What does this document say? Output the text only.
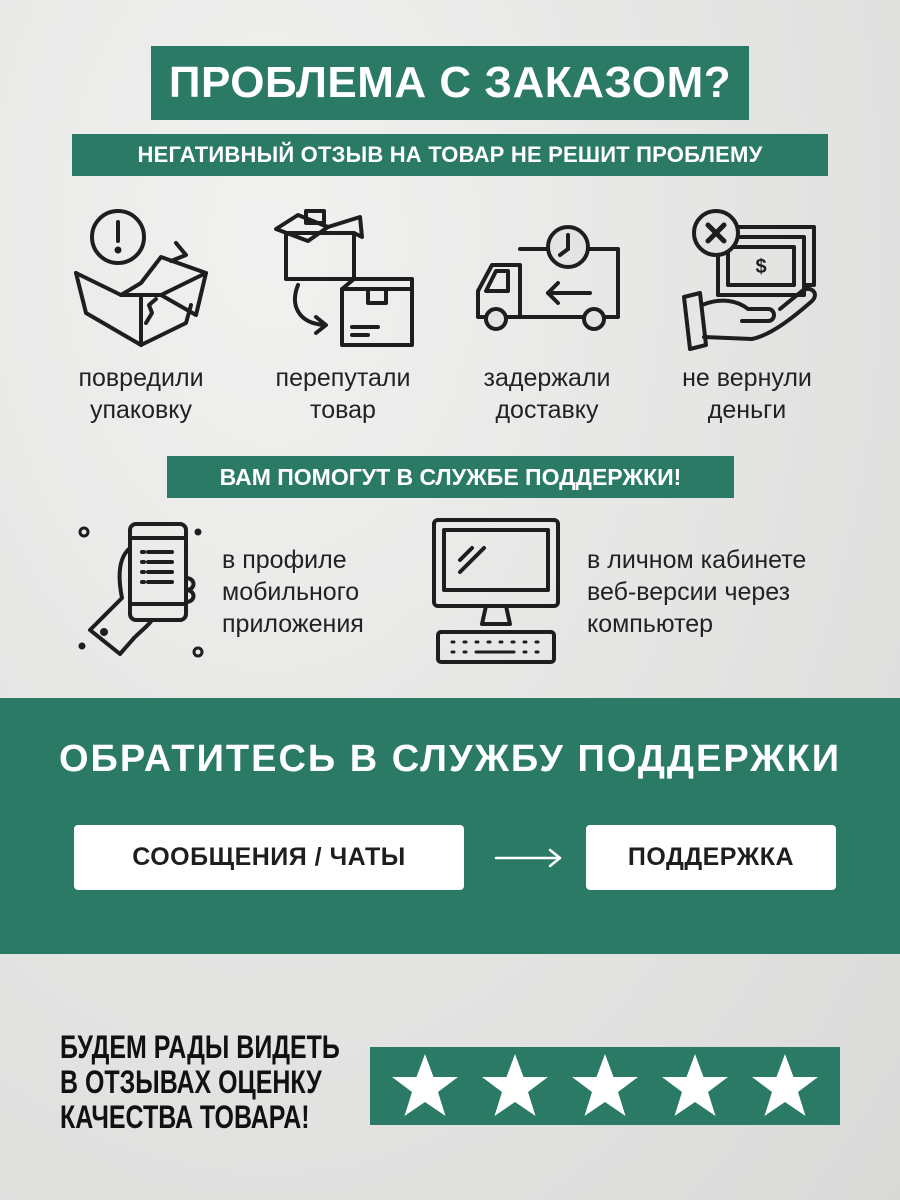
ПРОБЛЕМА С ЗАКАЗОМ?
НЕГАТИВНЫЙ ОТЗЫВ НА ТОВАР НЕ РЕШИТ ПРОБЛЕМУ
$
повредили
упаковку
перепутали
товар
задержали
доставку
не вернули
деньги
ВАМ ПОМОГУТ В СЛУЖБЕ ПОДДЕРЖКИ!
в профиле
мобильного
приложения
в личном кабинете
веб-версии через
компьютер
ОБРАТИТЕСЬ В СЛУЖБУ ПОДДЕРЖКИ
СООБЩЕНИЯ / ЧАТЫ	ПОДДЕРЖКА
БУДЕМ РАДЫ ВИДЕТЬ
В ОТЗЫВАХ ОЦЕНКУ
КАЧЕСТВА ТОВАРА!
